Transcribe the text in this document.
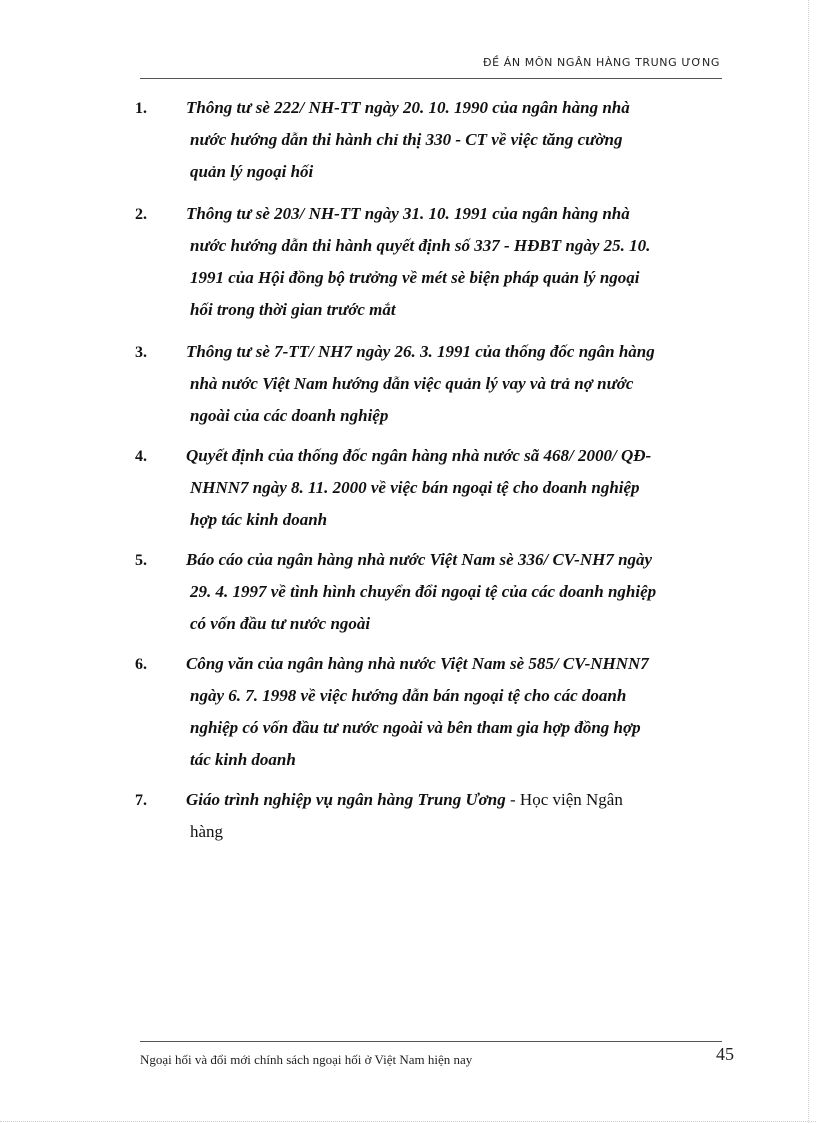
ĐỀ ÁN MÔN NGÂN HÀNG TRUNG ƯƠNG
1. Thông tư sè 222/ NH-TT ngày 20. 10. 1990 của ngân hàng nhà
nước hướng dẫn thi hành chỉ thị 330 - CT về việc tăng cường
quản lý ngoại hối
2. Thông tư sè 203/ NH-TT ngày 31. 10. 1991 của ngân hàng nhà
nước hướng dẫn thi hành quyết định số 337 - HĐBT ngày 25. 10.
1991 của Hội đồng bộ trưởng về mét sè biện pháp quản lý ngoại
hối trong thời gian trước mắt
3. Thông tư sè 7-TT/ NH7 ngày 26. 3. 1991 của thống đốc ngân hàng
nhà nước Việt Nam hướng dẫn việc quản lý vay và trả nợ nước
ngoài của các doanh nghiệp
4. Quyết định của thống đốc ngân hàng nhà nước sã 468/ 2000/ QĐ-
NHNN7 ngày 8. 11. 2000 về việc bán ngoại tệ cho doanh nghiệp
hợp tác kinh doanh
5. Báo cáo của ngân hàng nhà nước Việt Nam sè 336/ CV-NH7 ngày
29. 4. 1997 về tình hình chuyển đổi ngoại tệ của các doanh nghiệp
có vốn đầu tư nước ngoài
6. Công văn của ngân hàng nhà nước Việt Nam sè 585/ CV-NHNN7
ngày 6. 7. 1998 về việc hướng dẫn bán ngoại tệ cho các doanh
nghiệp có vốn đầu tư nước ngoài và bên tham gia hợp đồng hợp
tác kinh doanh
7. Giáo trình nghiệp vụ ngân hàng Trung Ương - Học viện Ngân
hàng
Ngoại hối và đổi mới chính sách ngoại hối ở Việt Nam hiện nay	45
